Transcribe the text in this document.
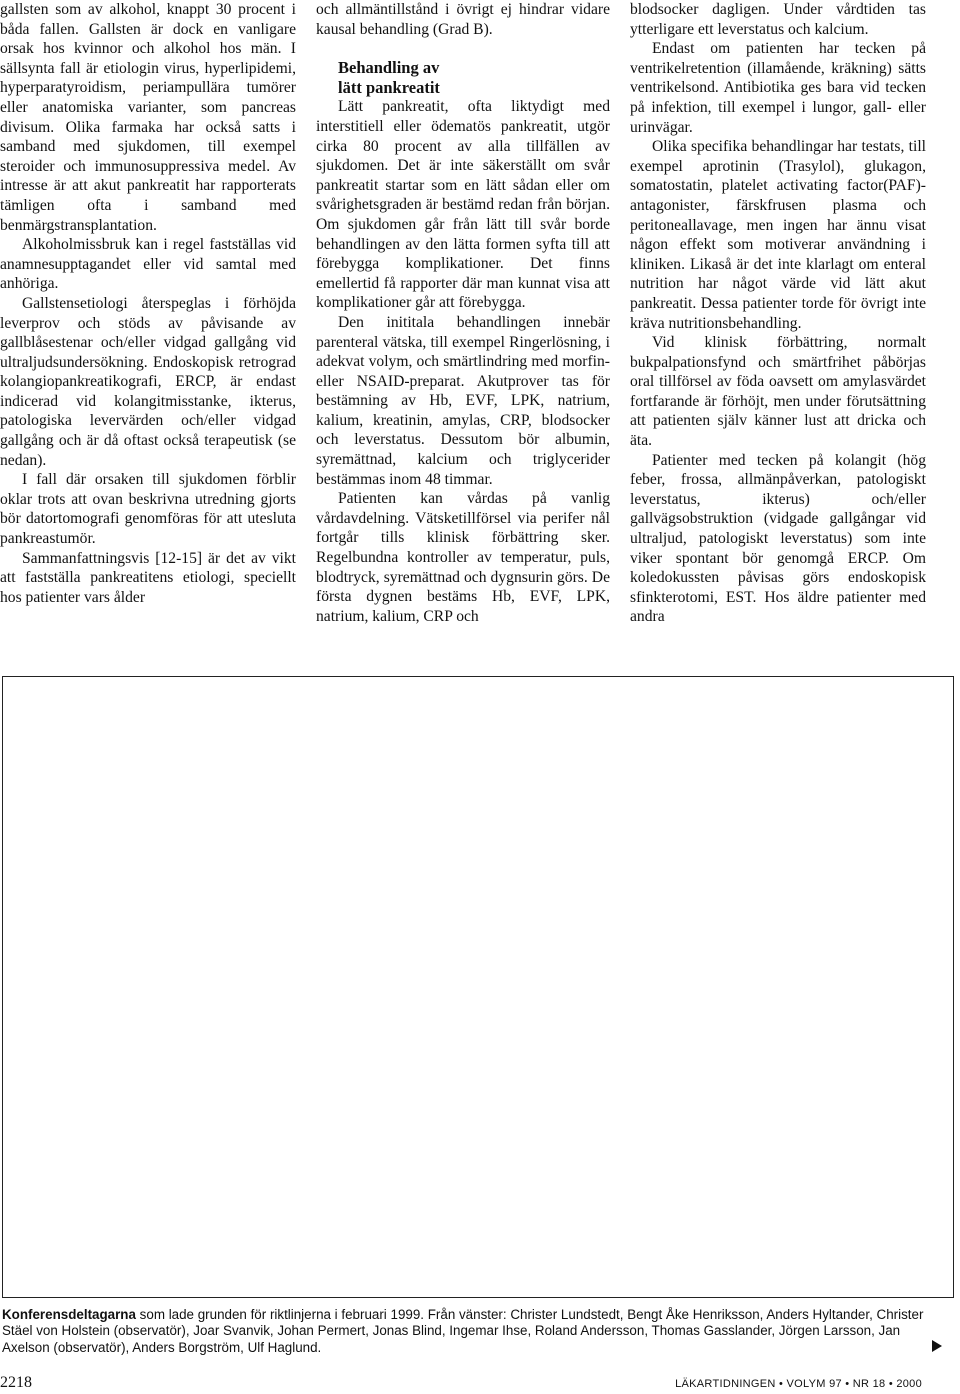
gallsten som av alkohol, knappt 30 procent i båda fallen. Gallsten är dock en vanligare orsak hos kvinnor och alkohol hos män. I sällsynta fall är etiologin virus, hyperlipidemi, hyperparatyroidism, periampullära tumörer eller anatomiska varianter, som pancreas divisum. Olika farmaka har också satts i samband med sjukdomen, till exempel steroider och immunosuppressiva medel. Av intresse är att akut pankreatit har rapporterats tämligen ofta i samband med benmärgstransplantation.

Alkoholmissbruk kan i regel fastställas vid anamnesupptagandet eller vid samtal med anhöriga.

Gallstensetiologi återspeglas i förhöjda leverprov och stöds av påvisande av gallblåsestenar och/eller vidgad gallgång vid ultraljudsundersökning. Endoskopisk retrograd kolangiopankreatikografi, ERCP, är endast indicerad vid kolangitmisstanke, ikterus, patologiska levervärden och/eller vidgad gallgång och är då oftast också terapeutisk (se nedan).

I fall där orsaken till sjukdomen förblir oklar trots att ovan beskrivna utredning gjorts bör datortomografi genomföras för att utesluta pankreastumör.

Sammanfattningsvis [12-15] är det av vikt att fastställa pankreatitens etiologi, speciellt hos patienter vars ålder

och allmäntillstånd i övrigt ej hindrar vidare kausal behandling (Grad B).

Behandling av
lätt pankreatit

Lätt pankreatit, ofta liktydigt med interstitiell eller ödematös pankreatit, utgör cirka 80 procent av alla tillfällen av sjukdomen. Det är inte säkerställt om svår pankreatit startar som en lätt sådan eller om svårighetsgraden är bestämd redan från början. Om sjukdomen går från lätt till svår borde behandlingen av den lätta formen syfta till att förebygga komplikationer. Det finns emellertid få rapporter där man kunnat visa att komplikationer går att förebygga.

Den inititala behandlingen innebär parenteral vätska, till exempel Ringerlösning, i adekvat volym, och smärtlindring med morfin- eller NSAID-preparat. Akutprover tas för bestämning av Hb, EVF, LPK, natrium, kalium, kreatinin, amylas, CRP, blodsocker och leverstatus. Dessutom bör albumin, syremättnad, kalcium och triglycerider bestämmas inom 48 timmar.

Patienten kan vårdas på vanlig vårdavdelning. Vätsketillförsel via perifer nål fortgår tills klinisk förbättring sker. Regelbundna kontroller av temperatur, puls, blodtryck, syremättnad och dygnsurin görs. De första dygnen bestäms Hb, EVF, LPK, natrium, kalium, CRP och

blodsocker dagligen. Under vårdtiden tas ytterligare ett leverstatus och kalcium.

Endast om patienten har tecken på ventrikelretention (illamående, kräkning) sätts ventrikelsond. Antibiotika ges bara vid tecken på infektion, till exempel i lungor, gall- eller urinvägar.

Olika specifika behandlingar har testats, till exempel aprotinin (Trasylol), glukagon, somatostatin, platelet activating factor(PAF)-antagonister, färskfrusen plasma och peritoneallavage, men ingen har ännu visat någon effekt som motiverar användning i kliniken. Likaså är det inte klarlagt om enteral nutrition har något värde vid lätt akut pankreatit. Dessa patienter torde för övrigt inte kräva nutritionsbehandling.

Vid klinisk förbättring, normalt bukpalpationsfynd och smärtfrihet påbörjas oral tillförsel av föda oavsett om amylasvärdet fortfarande är förhöjt, men under förutsättning att patienten själv känner lust att dricka och äta.

Patienter med tecken på kolangit (hög feber, frossa, allmänpåverkan, patologiskt leverstatus, ikterus) och/eller gallvägsobstruktion (vidgade gallgångar vid ultraljud, patologiskt leverstatus) som inte viker spontant bör genomgå ERCP. Om koledokussten påvisas görs endoskopisk sfinkterotomi, EST. Hos äldre patienter med andra

Konferensdeltagarna som lade grunden för riktlinjerna i februari 1999. Från vänster: Christer Lundstedt, Bengt Åke Henriksson, Anders Hyltander, Christer Stäel von Holstein (observatör), Joar Svanvik, Johan Permert, Jonas Blind, Ingemar Ihse, Roland Andersson, Thomas Gasslander, Jörgen Larsson, Jan Axelson (observatör), Anders Borgström, Ulf Haglund.
2218	LÄKARTIDNINGEN • VOLYM 97 • NR 18 • 2000
